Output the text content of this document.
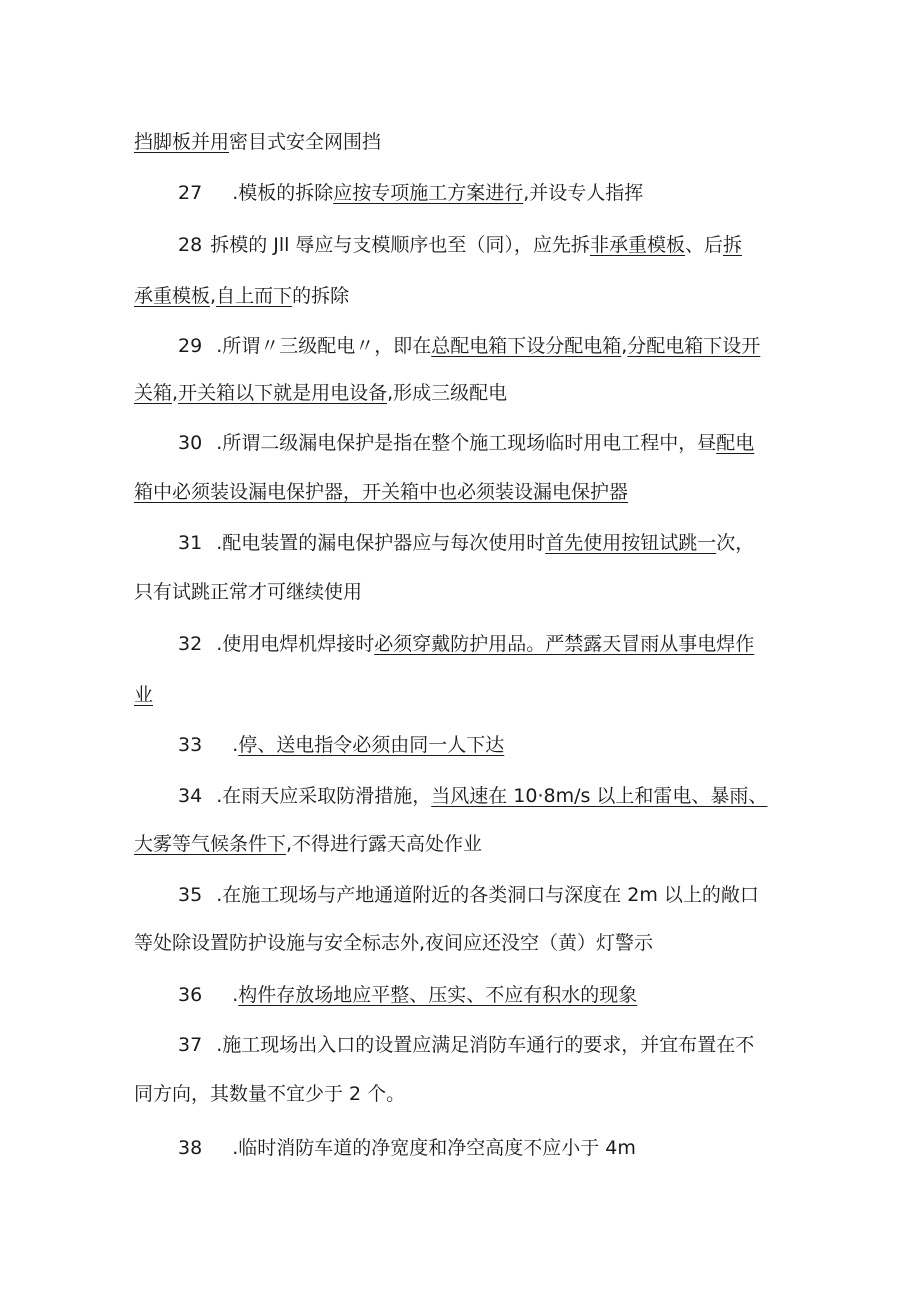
挡脚板并用密目式安全网围挡
27 .模板的拆除应按专项施工方案进行,并设专人指挥
28 拆模的 Jll 辱应与支模顺序也至（同），应先拆非承重模板、后拆
承重模板,自上而下的拆除
29 .所谓〃三级配电〃，即在总配电箱下设分配电箱,分配电箱下设开
关箱,开关箱以下就是用电设备,形成三级配电
30 .所谓二级漏电保护是指在整个施工现场临时用电工程中，昼配电
箱中必须装设漏电保护器，开关箱中也必须装设漏电保护器
31 .配电装置的漏电保护器应与每次使用时首先使用按钮试跳一次，
只有试跳正常才可继续使用
32 .使用电焊机焊接时必须穿戴防护用品。严禁露天冒雨从事电焊作
业
33 .停、送电指令必须由同一人下达
34 .在雨天应采取防滑措施，当风速在 10·8m/s 以上和雷电、暴雨、
大雾等气候条件下,不得进行露天高处作业
35 .在施工现场与产地通道附近的各类洞口与深度在 2m 以上的敞口
等处除设置防护设施与安全标志外,夜间应还没空（黄）灯警示
36 .构件存放场地应平整、压实、不应有积水的现象
37 .施工现场出入口的设置应满足消防车通行的要求，并宜布置在不
同方向，其数量不宜少于 2 个。
38 .临时消防车道的净宽度和净空高度不应小于 4m
